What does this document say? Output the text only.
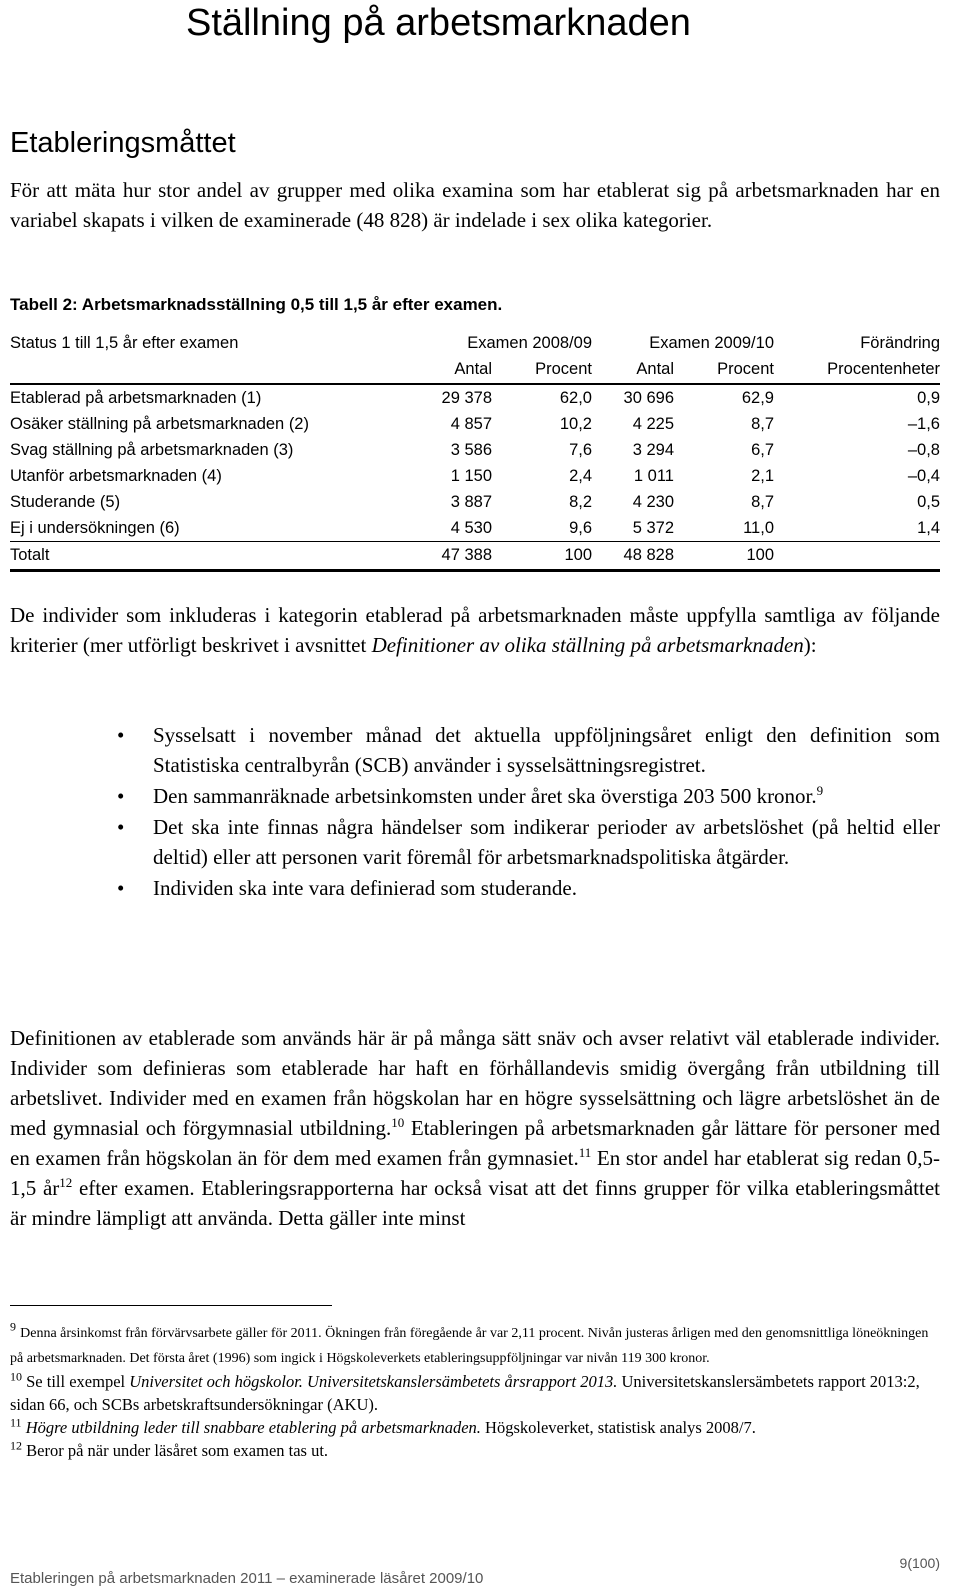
Ställning på arbetsmarknaden
Etableringsmåttet

För att mäta hur stor andel av grupper med olika examina som har etablerat sig på arbetsmarknaden har en variabel skapats i vilken de examinerade (48 828) är indelade i sex olika kategorier.

Tabell 2: Arbetsmarknadsställning 0,5 till 1,5 år efter examen.
Status 1 till 1,5 år efter examen	Examen 2008/09		Examen 2009/10		Förändring
	Antal	Procent	Antal	Procent	Procentenheter
Etablerad på arbetsmarknaden (1)	29 378	62,0	30 696	62,9	0,9
Osäker ställning på arbetsmarknaden (2)	4 857	10,2	4 225	8,7	–1,6
Svag ställning på arbetsmarknaden (3)	3 586	7,6	3 294	6,7	–0,8
Utanför arbetsmarknaden (4)	1 150	2,4	1 011	2,1	–0,4
Studerande (5)	3 887	8,2	4 230	8,7	0,5
Ej i undersökningen (6)	4 530	9,6	5 372	11,0	1,4
Totalt	47 388	100	48 828	100	

De individer som inkluderas i kategorin etablerad på arbetsmarknaden måste uppfylla samtliga av följande kriterier (mer utförligt beskrivet i avsnittet Definitioner av olika ställning på arbetsmarknaden):

• Sysselsatt i november månad det aktuella uppföljningsåret enligt den definition som Statistiska centralbyrån (SCB) använder i sysselsättningsregistret.
• Den sammanräknade arbetsinkomsten under året ska överstiga 203 500 kronor.$^9$
• Det ska inte finnas några händelser som indikerar perioder av arbetslöshet (på heltid eller deltid) eller att personen varit föremål för arbetsmarknadspolitiska åtgärder.
• Individen ska inte vara definierad som studerande.

Definitionen av etablerade som används här är på många sätt snäv och avser relativt väl etablerade individer. Individer som definieras som etablerade har haft en förhållandevis smidig övergång från utbildning till arbetslivet. Individer med en examen från högskolan har en högre sysselsättning och lägre arbetslöshet än de med gymnasial och förgymnasial utbildning.$^{10}$ Etableringen på arbetsmarknaden går lättare för personer med en examen från högskolan än för dem med examen från gymnasiet.$^{11}$ En stor andel har etablerat sig redan 0,5-1,5 $år^{12}$ efter examen. Etableringsrapporterna har också visat att det finns grupper för vilka etableringsmåttet är mindre lämpligt att använda. Detta gäller inte minst

$^9$ Denna årsinkomst från förvärvsarbete gäller för 2011. Ökningen från föregående år var 2,11 procent. Nivån justeras årligen med den genomsnittliga löneökningen på arbetsmarknaden. Det första året (1996) som ingick i Högskoleverkets etableringsuppföljningar var nivån 119 300 kronor.

$^{10}$ Se till exempel Universitet och högskolor. Universitetskanslersämbetets årsrapport 2013. Universitetskanslersämbetets rapport 2013:2, sidan 66, och SCBs arbetskraftsundersökningar (AKU).

$^{11}$ Högre utbildning leder till snabbare etablering på arbetsmarknaden. Högskoleverket, statistisk analys 2008/7.

$^{12}$ Beror på när under läsåret som examen tas ut.

9(100)
Etableringen på arbetsmarknaden 2011 – examinerade läsåret 2009/10
